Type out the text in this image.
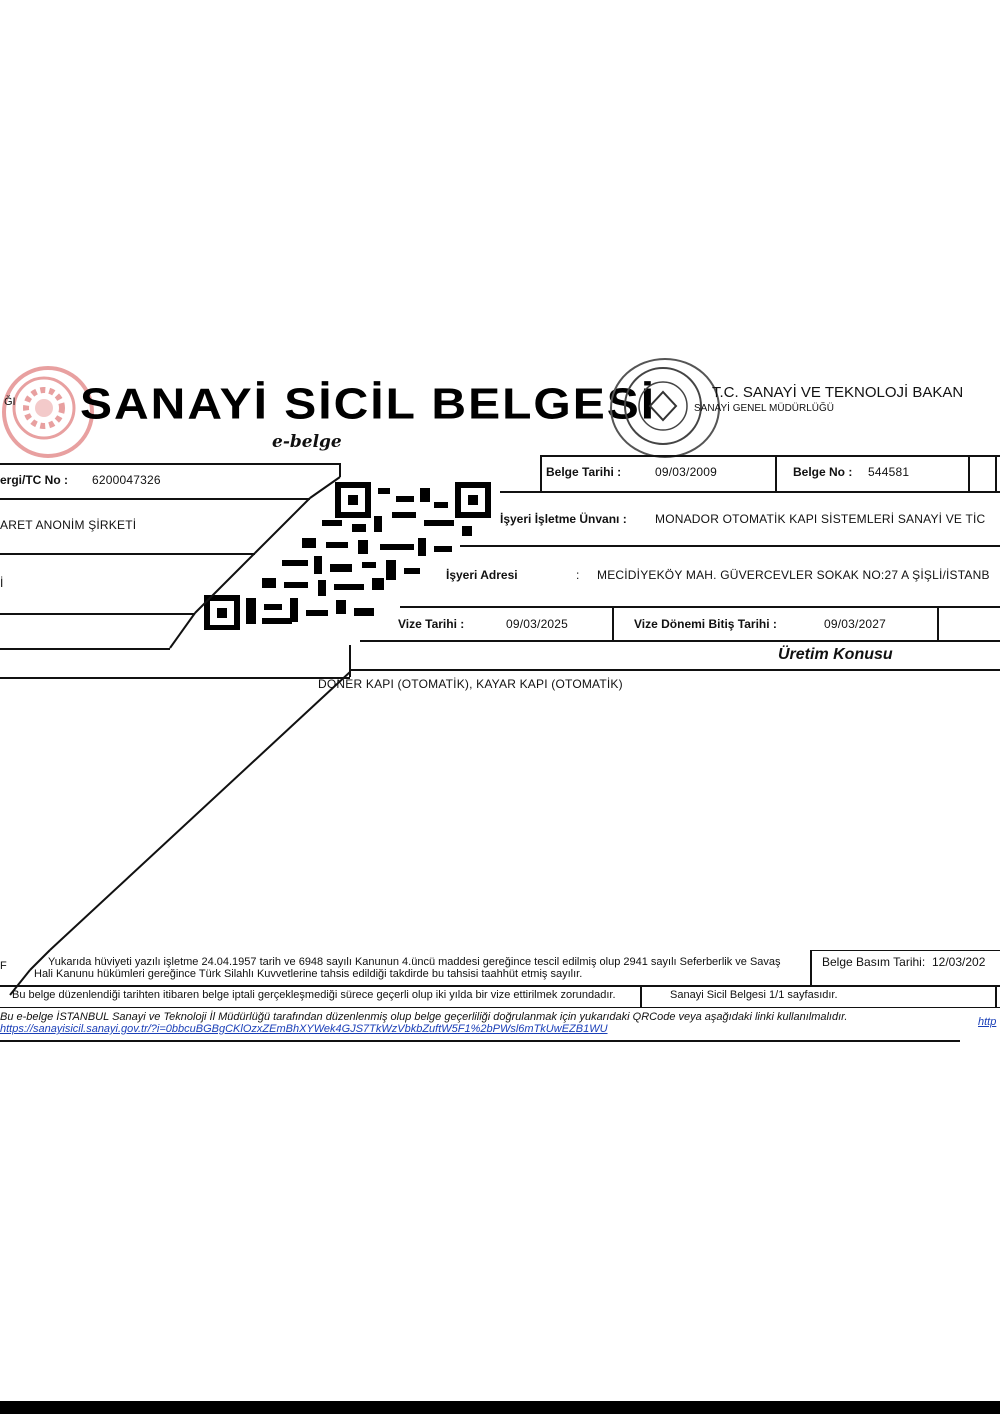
ĞI SANAYİ SİCİL BELGESİ
e-belge
T.C. SANAYİ VE TEKNOLOJİ BAKAN
SANAYİ GENEL MÜDÜRLÜĞÜ
ergi/TC No : 6200047326
ARET ANONİM ŞİRKETİ
İ
Belge Tarihi :	09/03/2009	Belge No : 544581
İşyeri İşletme Ünvanı : MONADOR OTOMATİK KAPI SİSTEMLERİ SANAYİ VE TİC
İşyeri Adresi	: MECİDİYEKÖY MAH. GÜVERCEVLER SOKAK NO:27 A ŞİŞLİ/İSTANB
Vize Tarihi :	09/03/2025	Vize Dönemi Bitiş Tarihi :	09/03/2027
Üretim Konusu
DÖNER KAPI (OTOMATİK), KAYAR KAPI (OTOMATİK)
F	Yukarıda hüviyeti yazılı işletme 24.04.1957 tarih ve 6948 sayılı Kanunun 4.üncü maddesi gereğince tescil edilmiş olup 2941 sayılı Seferberlik ve Savaş
Hali Kanunu hükümleri gereğince Türk Silahlı Kuvvetlerine tahsis edildiği takdirde bu tahsisi taahhüt etmiş sayılır.
Belge Basım Tarihi: 12/03/202
Bu belge düzenlendiği tarihten itibaren belge iptali gerçekleşmediği sürece geçerli olup iki yılda bir vize ettirilmek zorundadır.	Sanayi Sicil Belgesi 1/1 sayfasıdır.
Bu e-belge İSTANBUL Sanayi ve Teknoloji İl Müdürlüğü tarafından düzenlenmiş olup belge geçerliliği doğrulanmak için yukarıdaki QRCode veya aşağıdaki linki kullanılmalıdır.
https://sanayisicil.sanayi.gov.tr/?i=0bbcuBGBgCKlOzxZEmBhXYWek4GJS7TkWzVbkbZuftW5F1%2bPWsl6mTkUwEZB1WU
http
